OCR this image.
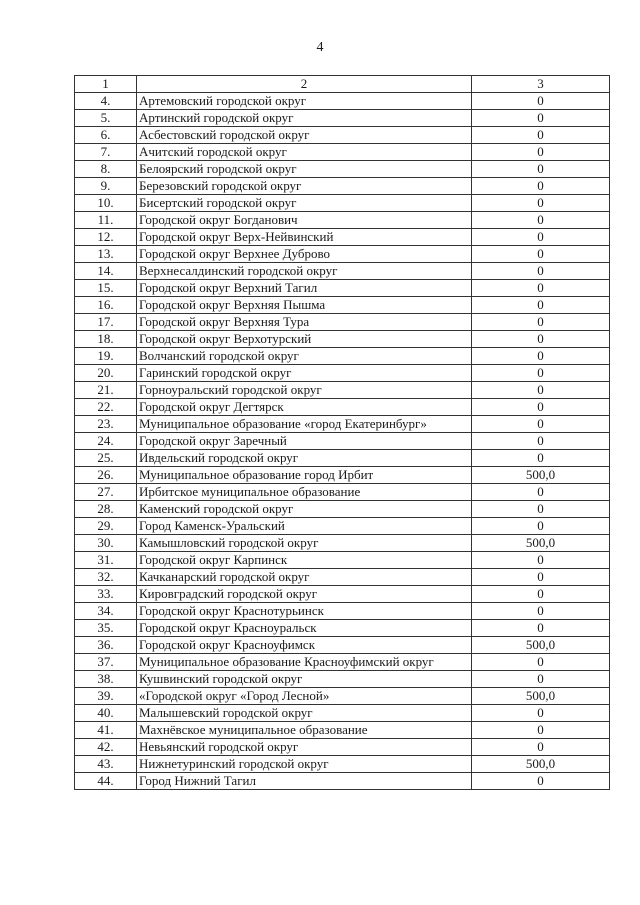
4
1	2	3
4.	Артемовский городской округ	0
5.	Артинский городской округ	0
6.	Асбестовский городской округ	0
7.	Ачитский городской округ	0
8.	Белоярский городской округ	0
9.	Березовский городской округ	0
10.	Бисертский городской округ	0
11.	Городской округ Богданович	0
12.	Городской округ Верх-Нейвинский	0
13.	Городской округ Верхнее Дуброво	0
14.	Верхнесалдинский городской округ	0
15.	Городской округ Верхний Тагил	0
16.	Городской округ Верхняя Пышма	0
17.	Городской округ Верхняя Тура	0
18.	Городской округ Верхотурский	0
19.	Волчанский городской округ	0
20.	Гаринский городской округ	0
21.	Горноуральский городской округ	0
22.	Городской округ Дегтярск	0
23.	Муниципальное образование «город Екатеринбург»	0
24.	Городской округ Заречный	0
25.	Ивдельский городской округ	0
26.	Муниципальное образование город Ирбит	500,0
27.	Ирбитское муниципальное образование	0
28.	Каменский городской округ	0
29.	Город Каменск-Уральский	0
30.	Камышловский городской округ	500,0
31.	Городской округ Карпинск	0
32.	Качканарский городской округ	0
33.	Кировградский городской округ	0
34.	Городской округ Краснотурьинск	0
35.	Городской округ Красноуральск	0
36.	Городской округ Красноуфимск	500,0
37.	Муниципальное образование Красноуфимский округ	0
38.	Кушвинский городской округ	0
39.	«Городской округ «Город Лесной»	500,0
40.	Малышевский городской округ	0
41.	Махнёвское муниципальное образование	0
42.	Невьянский городской округ	0
43.	Нижнетуринский городской округ	500,0
44.	Город Нижний Тагил	0
